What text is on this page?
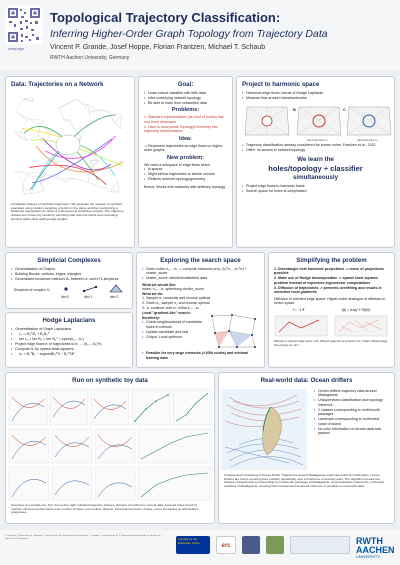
webpage
Topological Trajectory Classification:
Inferring Higher-Order Graph Topology from Trajectory Data
Vincent P. Grande, Josef Hoppe, Florian Frantzen, Michael T. Schaub
RWTH Aachen University, Germany
Data: Trajectories on a Network
10 labelled classes of synthetic trajectories. We generate the network of synthetic examples using random sampling of points in the plane and then performing a Delaunay triangulation to obtain a 2-dimensional simplicial complex. The trajectory classes are chosen by randomly sampling start and end points and computing shortest paths while adding edge weights.
Goal:
• Learn robust classifier with little data
• Infer underlying network topology
• Be able to learn from unlabelled data
Problems:
1. Standard representation (as a list of points) has non-fixed dimension
2. Hard to incorporate Topology/Geometry into trajectory representation
Idea:
-> Represent trajectories as edge flows on higher-order graphs
New problem:
We need a subspace of edge flows which
• is sparse
• Might similar trajectories to similar vectors
• Reflects network topology/geometry
Bonus: Works with networks with arbitrary topology
Project to harmonic space
• Harmonic edge flows: kernel of Hodge Laplacian
• Measure flow around holes/landmarks
B	C
harmonic flow h₁	harmonic flow h₂
• Trajectory classification already considered for known holes: Frantzen et al., 2021
• Often: no access to network topology
We learn the
holes/topology + classifier
simultaneously
• Project edge flows to harmonic basis
• Search space for holes is complicated
Simplicial Complexes
• Generalisation of Graphs
• Building Blocks: vertices, edges, triangles
• Generalised incidence matrices Bₖ between k- and k+1-simplices
Simplices of complex X:
dim 0	dim 1	dim 2
Hodge Laplacians
• Generalisation of Graph Laplacians
• L₁ := B₁ᵀB₁ + B₂B₂ᵀ
• ker L₁ = ker B₁ ∩ ker B₂ᵀ = span(h₁,...,hₖ)
• Project edge flows eᵢ of trajectories to eᵢ → (h₁,...,hₖ)ᵀeᵢ
• Compute hₖ by sparse least-squares:
• hₖ = B₁ᵀB₂ − argmin‖B₂ᵀS − B₂ᵀS‖²
Exploring the search space
• Given holes h₁,...,hₖ -> compute harmonic proj. (h₁ᵀeᵢ,...,hₖᵀeᵢ) + cluster_score
• cluster_score: labelled/unlabelled data
What we would like:
holes: h₁,...,hₖ optimising cluster_score
What we do:
1. Sample e₁ randomly and choose optimal
2. Given e₁, sample e₂ and choose optimal
3...k. continue until eₖ: initial e₁,...,eₖ
Local "gradient-like" search:
Iteratively:
• Check neighbourhood of candidate holes in network
• Update candidate and rest
• Output: Local optimum
• Feasible for very large networks (>100k nodes) and minimal training data
Simplifying the problem
1. Disentangle hole harmonic projections -> reuse of projections possible
2. Make use of Hodge decomposition -> sparse least squares problem instead of expensive eigenvector computations
3. Diffusion of trajectories -> prevents overfitting and results in smoother local gradients
Diffusion in oriented edge space: Higher-order analogue of diffusion in vertex space
f = −Lᵈf	f(t) = exp(−Lᵈt)f(0)
Diffusion in oriented edge space: Left: diffused edge flow at small t/s; Iter t. Right: diffused edge flow at large t/s. Iter t.
Run on synthetic toy data
Overview of a sample run. Top, from left to right: Labelled trajectory classes, Iteration of method on normal data, Learned holes found by method, achieved performance over number of holes, and runtime. Bottom: Final learned holes / cluster_score increasing as optimisation progresses.
Real-world data: Ocean drifters
• Ocean drifters trajectory data around Madagascar
• Unsupervised classification and topology inference
• 2 classes corresponding to north/south passages
• Landmark corresponding to north/west coast of island
• No prior information on terrain data was passed
Unsupervised Clustering of Ocean Drifter Trajectories around Madagascar supervised with two landmarks. Ocean Drifters are buoys reporting their position periodically over a timeframe of several years. The algorithm reveals two classes of trajectories corresponding to north/south passages of Madagascar. Lime landscape reflects the north-west coastline of Madagascar, showing that unsupervised landmark inference is possible on real-world data.
1. Frantzen, F. Bertaccini, M., Manfredi, T. and Schaub, M. Fixed surface classification... 2. Hoppe, J. and Schaub, M. T. Representing Edge Flows on Graphs via Sparse Cell Complexes...	Funded by the European Union
erc	RWTH AACHEN
UNIVERSITY
